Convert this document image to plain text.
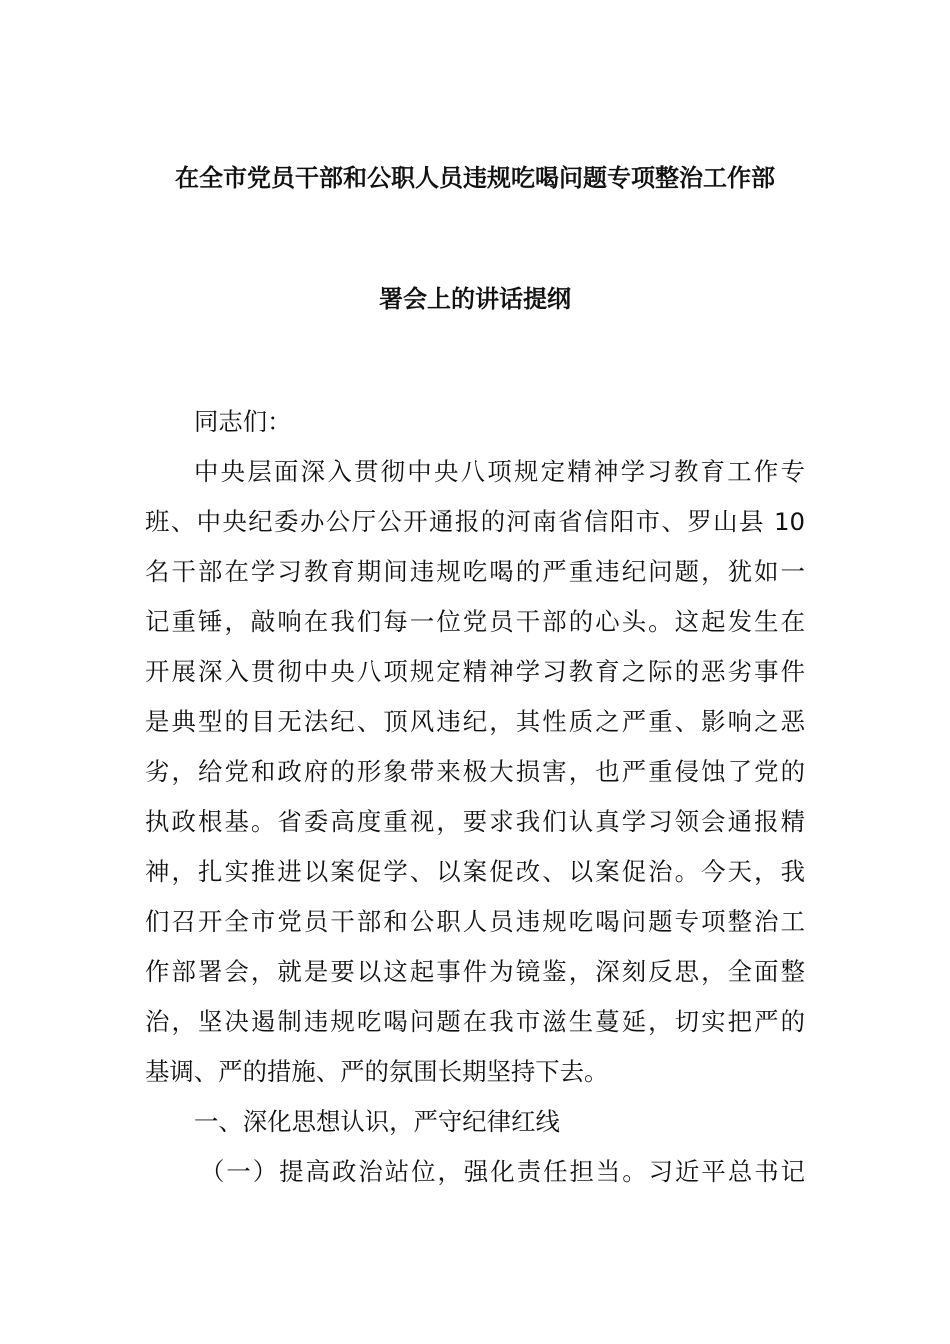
在全市党员干部和公职人员违规吃喝问题专项整治工作部
署会上的讲话提纲
同志们：
中央层面深入贯彻中央八项规定精神学习教育工作专
班、中央纪委办公厅公开通报的河南省信阳市、罗山县 10
名干部在学习教育期间违规吃喝的严重违纪问题，犹如一
记重锤，敲响在我们每一位党员干部的心头。这起发生在
开展深入贯彻中央八项规定精神学习教育之际的恶劣事件
是典型的目无法纪、顶风违纪，其性质之严重、影响之恶
劣，给党和政府的形象带来极大损害，也严重侵蚀了党的
执政根基。省委高度重视，要求我们认真学习领会通报精
神，扎实推进以案促学、以案促改、以案促治。今天，我
们召开全市党员干部和公职人员违规吃喝问题专项整治工
作部署会，就是要以这起事件为镜鉴，深刻反思，全面整
治，坚决遏制违规吃喝问题在我市滋生蔓延，切实把严的
基调、严的措施、严的氛围长期坚持下去。
一、深化思想认识，严守纪律红线
（一）提高政治站位，强化责任担当。习近平总书记
